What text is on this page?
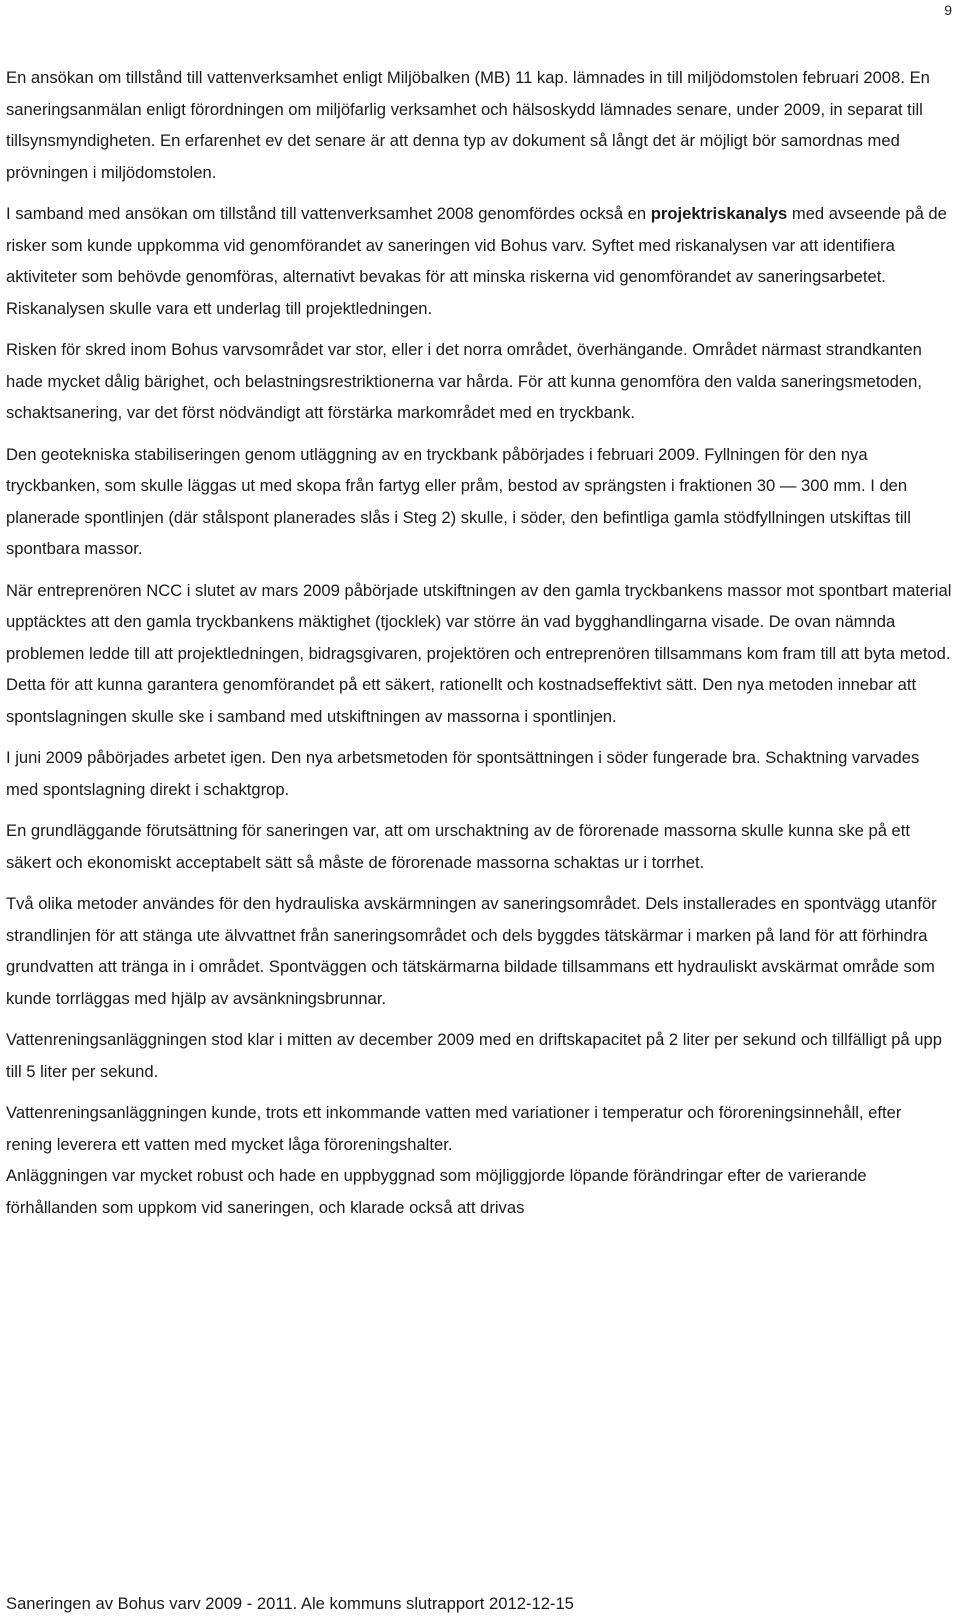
9

En ansökan om tillstånd till vattenverksamhet enligt Miljöbalken (MB) 11 kap. lämnades in till miljödomstolen februari 2008. En saneringsanmälan enligt förordningen om miljöfarlig verksamhet och hälsoskydd lämnades senare, under 2009, in separat till tillsynsmyndigheten. En erfarenhet ev det senare är att denna typ av dokument så långt det är möjligt bör samordnas med prövningen i miljödomstolen.

I samband med ansökan om tillstånd till vattenverksamhet 2008 genomfördes också en projektriskanalys med avseende på de risker som kunde uppkomma vid genomförandet av saneringen vid Bohus varv. Syftet med riskanalysen var att identifiera aktiviteter som behövde genomföras, alternativt bevakas för att minska riskerna vid genomförandet av saneringsarbetet. Riskanalysen skulle vara ett underlag till projektledningen.

Risken för skred inom Bohus varvsområdet var stor, eller i det norra området, överhängande. Området närmast strandkanten hade mycket dålig bärighet, och belastningsrestriktionerna var hårda. För att kunna genomföra den valda saneringsmetoden, schaktsanering, var det först nödvändigt att förstärka markområdet med en tryckbank.

Den geotekniska stabiliseringen genom utläggning av en tryckbank påbörjades i februari 2009. Fyllningen för den nya tryckbanken, som skulle läggas ut med skopa från fartyg eller pråm, bestod av sprängsten i fraktionen 30 — 300 mm. I den planerade spontlinjen (där stålspont planerades slås i Steg 2) skulle, i söder, den befintliga gamla stödfyllningen utskiftas till spontbara massor.

När entreprenören NCC i slutet av mars 2009 påbörjade utskiftningen av den gamla tryckbankens massor mot spontbart material upptäcktes att den gamla tryckbankens mäktighet (tjocklek) var större än vad bygghandlingarna visade. De ovan nämnda problemen ledde till att projektledningen, bidragsgivaren, projektören och entreprenören tillsammans kom fram till att byta metod. Detta för att kunna garantera genomförandet på ett säkert, rationellt och kostnadseffektivt sätt. Den nya metoden innebar att spontslagningen skulle ske i samband med utskiftningen av massorna i spontlinjen.

I juni 2009 påbörjades arbetet igen. Den nya arbetsmetoden för spontsättningen i söder fungerade bra. Schaktning varvades med spontslagning direkt i schaktgrop.

En grundläggande förutsättning för saneringen var, att om urschaktning av de förorenade massorna skulle kunna ske på ett säkert och ekonomiskt acceptabelt sätt så måste de förorenade massorna schaktas ur i torrhet.

Två olika metoder användes för den hydrauliska avskärmningen av saneringsområdet. Dels installerades en spontvägg utanför strandlinjen för att stänga ute älvvattnet från saneringsområdet och dels byggdes tätskärmar i marken på land för att förhindra grundvatten att tränga in i området. Spontväggen och tätskärmarna bildade tillsammans ett hydrauliskt avskärmat område som kunde torrläggas med hjälp av avsänkningsbrunnar.

Vattenreningsanläggningen stod klar i mitten av december 2009 med en driftskapacitet på 2 liter per sekund och tillfälligt på upp till 5 liter per sekund.

Vattenreningsanläggningen kunde, trots ett inkommande vatten med variationer i temperatur och föroreningsinnehåll, efter rening leverera ett vatten med mycket låga föroreningshalter.

Anläggningen var mycket robust och hade en uppbyggnad som möjliggjorde löpande förändringar efter de varierande förhållanden som uppkom vid saneringen, och klarade också att drivas

Saneringen av Bohus varv 2009 - 2011. Ale kommuns slutrapport 2012-12-15
